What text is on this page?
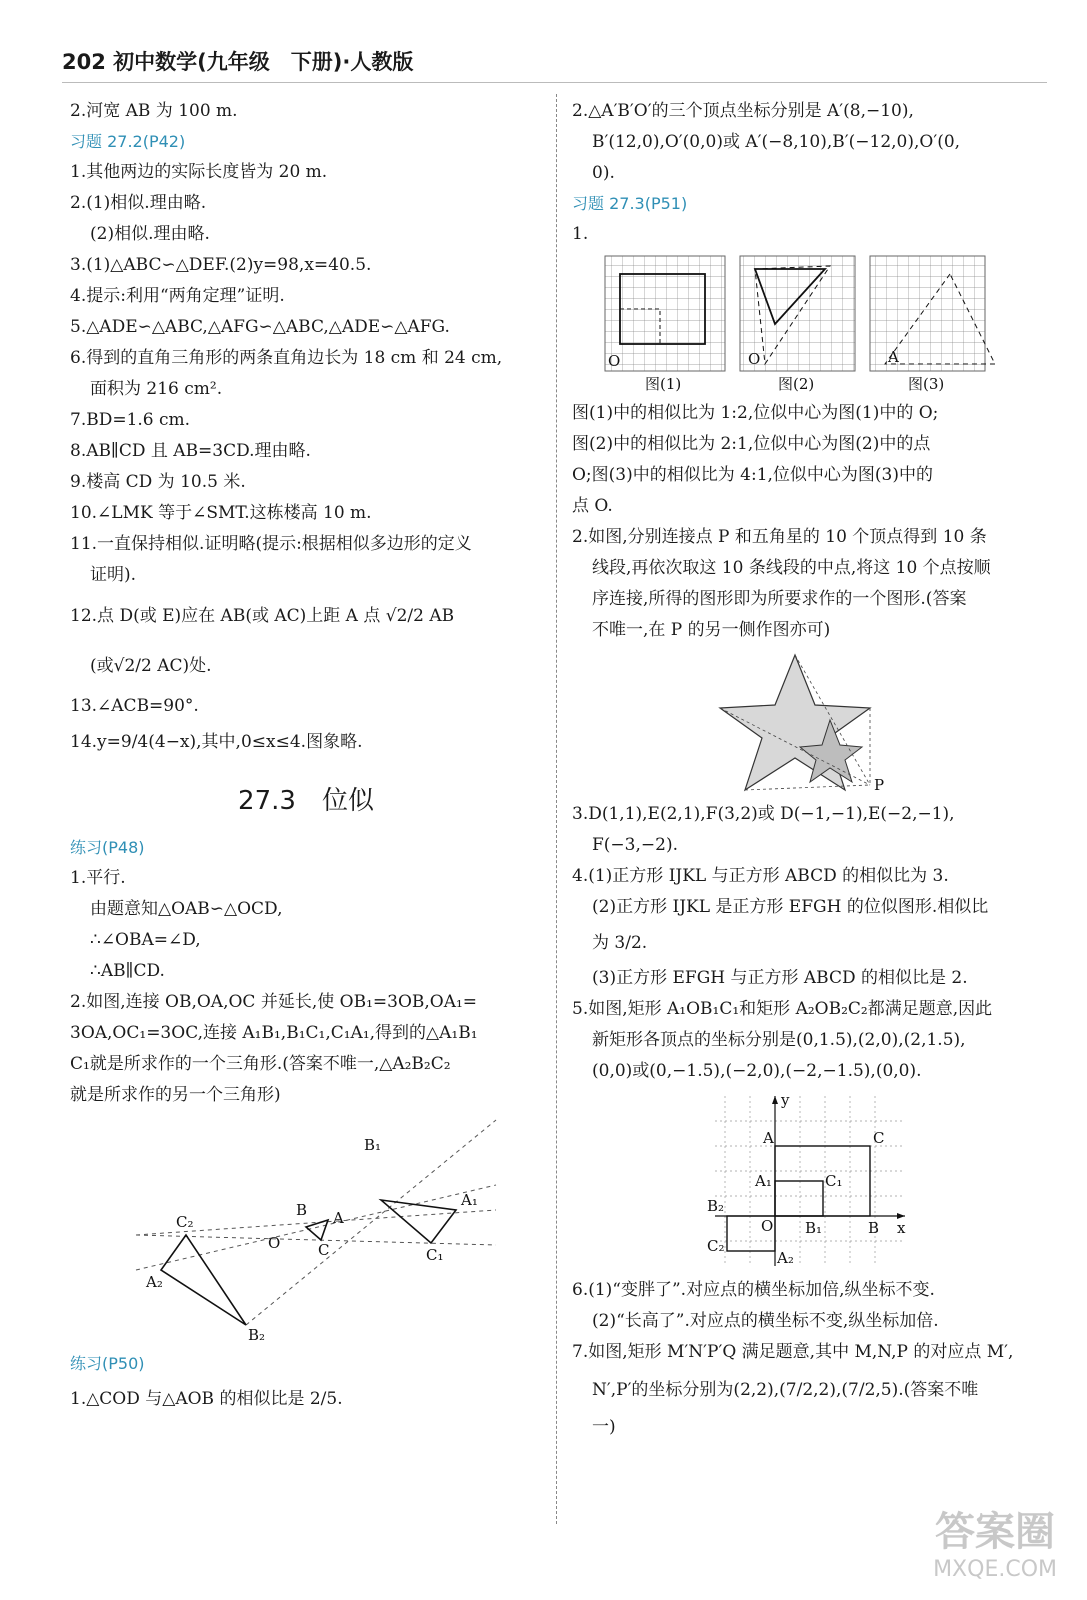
202 初中数学(九年级　下册)·人教版
2.河宽 AB 为 100 m.
习题 27.2(P42)
1.其他两边的实际长度皆为 20 m.
2.(1)相似.理由略.
(2)相似.理由略.
3.(1)△ABC∽△DEF.(2)y=98,x=40.5.
4.提示:利用“两角定理”证明.
5.△ADE∽△ABC,△AFG∽△ABC,△ADE∽△AFG.
6.得到的直角三角形的两条直角边长为 18 cm 和 24 cm,
面积为 216 cm².
7.BD=1.6 cm.
8.AB∥CD 且 AB=3CD.理由略.
9.楼高 CD 为 10.5 米.
10.∠LMK 等于∠SMT.这栋楼高 10 m.
11.一直保持相似.证明略(提示:根据相似多边形的定义
证明).
12.点 D(或 E)应在 AB(或 AC)上距 A 点 √2/2 AB
(或√2/2 AC)处.
13.∠ACB=90°.
14.y=9/4(4−x),其中,0≤x≤4.图象略.
27.3　位似
练习(P48)
1.平行.
由题意知△OAB∽△OCD,
∴∠OBA=∠D,
∴AB∥CD.
2.如图,连接 OB,OA,OC 并延长,使 OB₁=3OB,OA₁=
3OA,OC₁=3OC,连接 A₁B₁,B₁C₁,C₁A₁,得到的△A₁B₁
C₁就是所求作的一个三角形.(答案不唯一,△A₂B₂C₂
就是所求作的另一个三角形)
C₂
A₂
B₂
O
B A
C
B₁
A₁
C₁
练习(P50)
1.△COD 与△AOB 的相似比是 2/5.
2.△A′B′O′的三个顶点坐标分别是 A′(8,−10),
B′(12,0),O′(0,0)或 A′(−8,10),B′(−12,0),O′(0,
0).
习题 27.3(P51)
1.
O	O	A
图(1)	图(2)	图(3)
图(1)中的相似比为 1:2,位似中心为图(1)中的 O;
图(2)中的相似比为 2:1,位似中心为图(2)中的点
O;图(3)中的相似比为 4:1,位似中心为图(3)中的
点 O.
2.如图,分别连接点 P 和五角星的 10 个顶点得到 10 条
线段,再依次取这 10 条线段的中点,将这 10 个点按顺
序连接,所得的图形即为所要求作的一个图形.(答案
不唯一,在 P 的另一侧作图亦可)
P
3.D(1,1),E(2,1),F(3,2)或 D(−1,−1),E(−2,−1),
F(−3,−2).
4.(1)正方形 IJKL 与正方形 ABCD 的相似比为 3.
(2)正方形 IJKL 是正方形 EFGH 的位似图形.相似比
为 3/2.
(3)正方形 EFGH 与正方形 ABCD 的相似比是 2.
5.如图,矩形 A₁OB₁C₁和矩形 A₂OB₂C₂都满足题意,因此
新矩形各顶点的坐标分别是(0,1.5),(2,0),(2,1.5),
(0,0)或(0,−1.5),(−2,0),(−2,−1.5),(0,0).
y
A	C
A₁	C₁
B₂
O B₁	B x
C₂
A₂
6.(1)“变胖了”.对应点的横坐标加倍,纵坐标不变.
(2)“长高了”.对应点的横坐标不变,纵坐标加倍.
7.如图,矩形 M′N′P′Q 满足题意,其中 M,N,P 的对应点 M′,
N′,P′的坐标分别为(2,2),(7/2,2),(7/2,5).(答案不唯
一)
答案圈
MXQE.COM
